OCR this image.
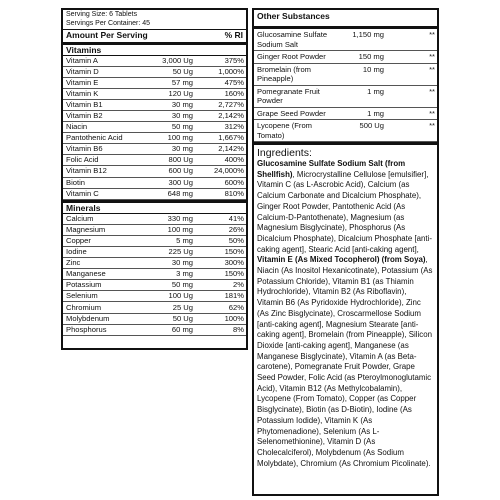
Serving Size: 6 Tablets
Servings Per Container: 45
Amount Per Serving	% RI
Vitamins
Vitamin A	3,000 Ug	375%
Vitamin D	50 Ug	1,000%
Vitamin E	57 mg	475%
Vitamin K	120 Ug	160%
Vitamin B1	30 mg	2,727%
Vitamin B2	30 mg	2,142%
Niacin	50 mg	312%
Pantothenic Acid	100 mg	1,667%
Vitamin B6	30 mg	2,142%
Folic Acid	800 Ug	400%
Vitamin B12	600 Ug	24,000%
Biotin	300 Ug	600%
Vitamin C	648 mg	810%
Minerals
Calcium	330 mg	41%
Magnesium	100 mg	26%
Copper	5 mg	50%
Iodine	225 Ug	150%
Zinc	30 mg	300%
Manganese	3 mg	150%
Potassium	50 mg	2%
Selenium	100 Ug	181%
Chromium	25 Ug	62%
Molybdenum	50 Ug	100%
Phosphorus	60 mg	8%
Other Substances
Glucosamine Sulfate Sodium Salt	1,150 mg	**
Ginger Root Powder	150 mg	**
Bromelain (from Pineapple)	10 mg	**
Pomegranate Fruit Powder	1 mg	**
Grape Seed Powder	1 mg	**
Lycopene (From Tomato)	500 Ug	**
Ingredients:
Glucosamine Sulfate Sodium Salt (from Shellfish), Microcrystalline Cellulose [emulsifier], Vitamin C (as L-Ascrobic Acid), Calcium (as Calcium Carbonate and Dicalcium Phosphate), Ginger Root Powder, Pantothenic Acid (As Calcium-D-Pantothenate), Magnesium (as Magnesium Bisglycinate), Phosphorus (As Dicalcium Phosphate), Dicalcium Phosphate [anti-caking agent], Stearic Acid [anti-caking agent], Vitamin E (As Mixed Tocopherol) (from Soya), Niacin (As Inositol Hexanicotinate), Potassium (As Potassium Chloride), Vitamin B1 (as Thiamin Hydrochloride), Vitamin B2 (As Riboflavin), Vitamin B6 (As Pyridoxide Hydrochloride), Zinc (As Zinc Bisglycinate), Croscarmellose Sodium [anti-caking agent], Magnesium Stearate [anti-caking agent], Bromelain (from Pineapple), Silicon Dioxide [anti-caking agent], Manganese (as Manganese Bisglycinate), Vitamin A (as Beta-carotene), Pomegranate Fruit Powder, Grape Seed Powder, Folic Acid (as Pteroylmonoglutamic Acid), Vitamin B12 (As Methylcobalamin), Lycopene (From Tomato), Copper (as Copper Bisglycinate), Biotin (as D-Biotin), Iodine (As Potassium Iodide), Vitamin K (As Phytomenadione), Selenium (As L-Selenomethionine), Vitamin D (As Cholecalciferol), Molybdenum (As Sodium Molybdate), Chromium (As Chromium Picolinate).
